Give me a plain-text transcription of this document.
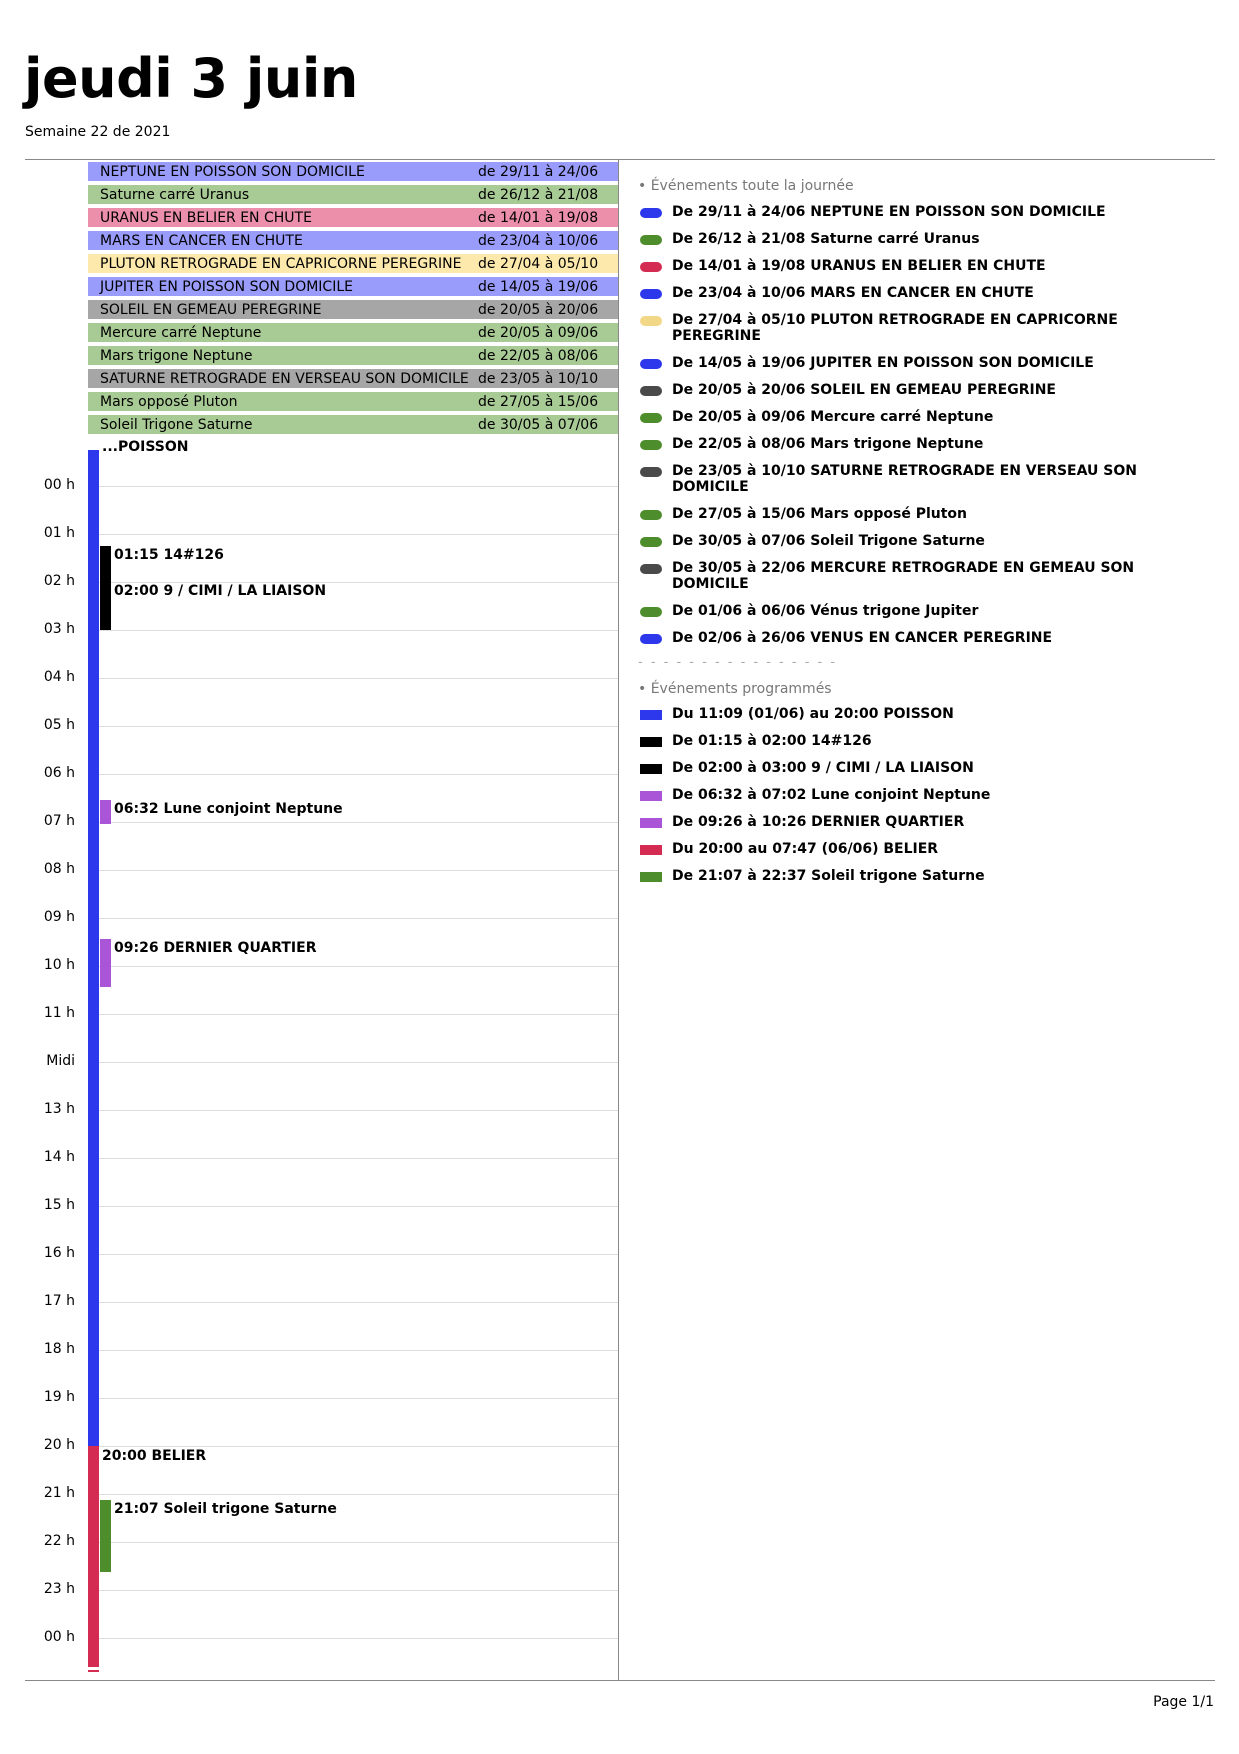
jeudi 3 juin
Semaine 22 de 2021
NEPTUNE EN POISSON SON DOMICILE	de 29/11 à 24/06
Saturne carré Uranus	de 26/12 à 21/08
URANUS EN BELIER EN CHUTE	de 14/01 à 19/08
MARS EN CANCER EN CHUTE	de 23/04 à 10/06
PLUTON RETROGRADE EN CAPRICORNE PEREGRINE de 27/04 à 05/10
JUPITER EN POISSON SON DOMICILE	de 14/05 à 19/06
SOLEIL EN GEMEAU PEREGRINE	de 20/05 à 20/06
Mercure carré Neptune	de 20/05 à 09/06
Mars trigone Neptune	de 22/05 à 08/06
SATURNE RETROGRADE EN VERSEAU SON DOMICILE de 23/05 à 10/10
Mars opposé Pluton	de 27/05 à 15/06
Soleil Trigone Saturne	de 30/05 à 07/06
00 h
01 h
02 h
03 h
04 h
05 h
06 h
07 h
08 h
09 h
10 h
11 h
Midi
13 h
14 h
15 h
16 h
17 h
18 h
19 h
20 h
21 h
22 h
23 h
00 h
...POISSON
20:00 BELIER
01:15 14#126
02:00 9 / CIMI / LA LIAISON
06:32 Lune conjoint Neptune
09:26 DERNIER QUARTIER
21:07 Soleil trigone Saturne
• Événements toute la journée
De 29/11 à 24/06 NEPTUNE EN POISSON SON DOMICILE
De 26/12 à 21/08 Saturne carré Uranus
De 14/01 à 19/08 URANUS EN BELIER EN CHUTE
De 23/04 à 10/06 MARS EN CANCER EN CHUTE
De 27/04 à 05/10 PLUTON RETROGRADE EN CAPRICORNE PEREGRINE
De 14/05 à 19/06 JUPITER EN POISSON SON DOMICILE
De 20/05 à 20/06 SOLEIL EN GEMEAU PEREGRINE
De 20/05 à 09/06 Mercure carré Neptune
De 22/05 à 08/06 Mars trigone Neptune
De 23/05 à 10/10 SATURNE RETROGRADE EN VERSEAU SON DOMICILE
De 27/05 à 15/06 Mars opposé Pluton
De 30/05 à 07/06 Soleil Trigone Saturne
De 30/05 à 22/06 MERCURE RETROGRADE EN GEMEAU SON DOMICILE
De 01/06 à 06/06 Vénus trigone Jupiter
De 02/06 à 26/06 VENUS EN CANCER PEREGRINE
- - - - - - - - - - - - - - - -
• Événements programmés
Du 11:09 (01/06) au 20:00 POISSON
De 01:15 à 02:00 14#126
De 02:00 à 03:00 9 / CIMI / LA LIAISON
De 06:32 à 07:02 Lune conjoint Neptune
De 09:26 à 10:26 DERNIER QUARTIER
Du 20:00 au 07:47 (06/06) BELIER
De 21:07 à 22:37 Soleil trigone Saturne
Page 1/1
